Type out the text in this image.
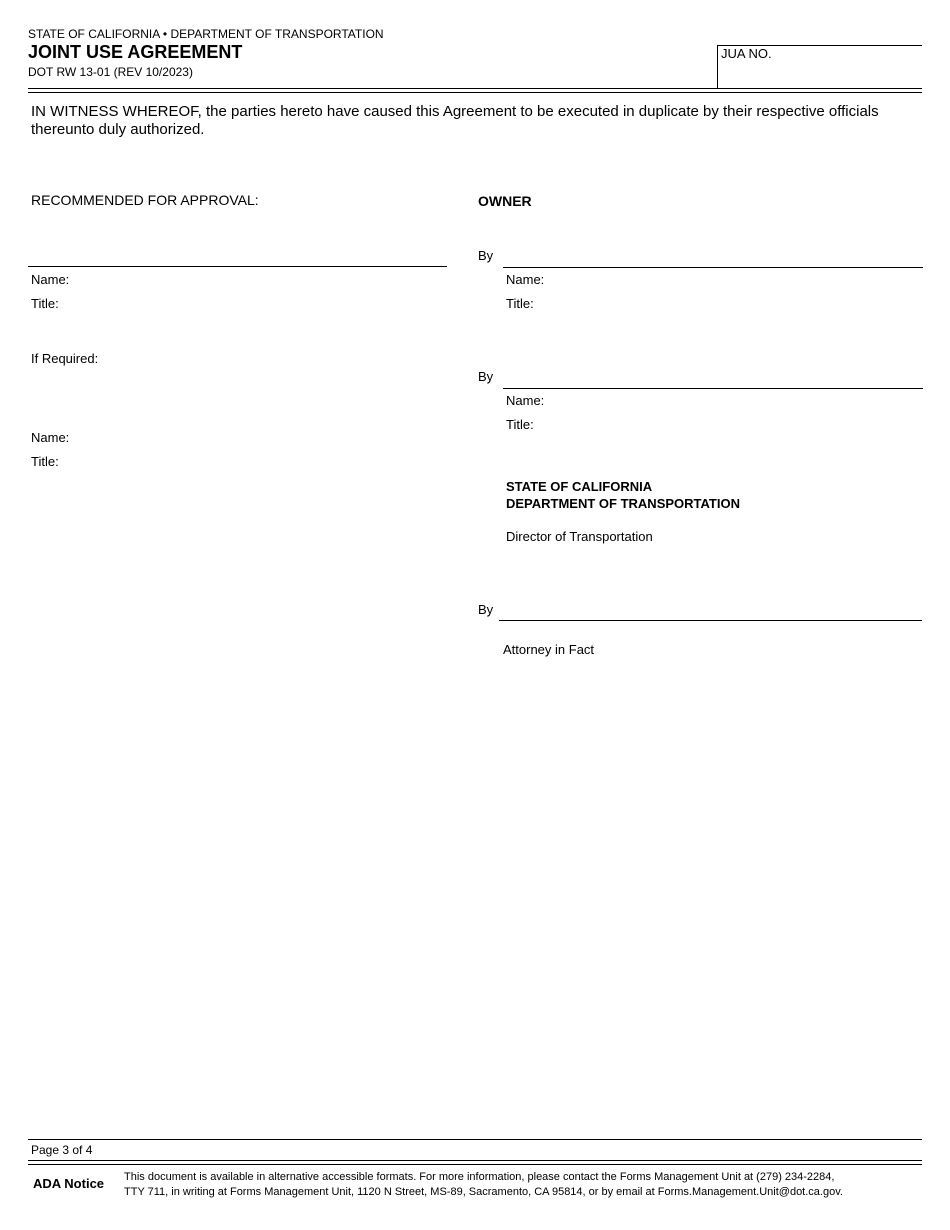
STATE OF CALIFORNIA • DEPARTMENT OF TRANSPORTATION
JOINT USE AGREEMENT
DOT RW 13-01 (REV 10/2023)
JUA NO.
IN WITNESS WHEREOF, the parties hereto have caused this Agreement to be executed in duplicate by their respective officials thereunto duly authorized.
RECOMMENDED FOR APPROVAL:
Name:
Title:
If Required:
Name:
Title:
OWNER
By
Name:
Title:
By
Name:
Title:
STATE OF CALIFORNIA
DEPARTMENT OF TRANSPORTATION
Director of Transportation
By
Attorney in Fact
Page 3 of 4
ADA Notice This document is available in alternative accessible formats. For more information, please contact the Forms Management Unit at (279) 234-2284,
TTY 711, in writing at Forms Management Unit, 1120 N Street, MS-89, Sacramento, CA 95814, or by email at Forms.Management.Unit@dot.ca.gov.
